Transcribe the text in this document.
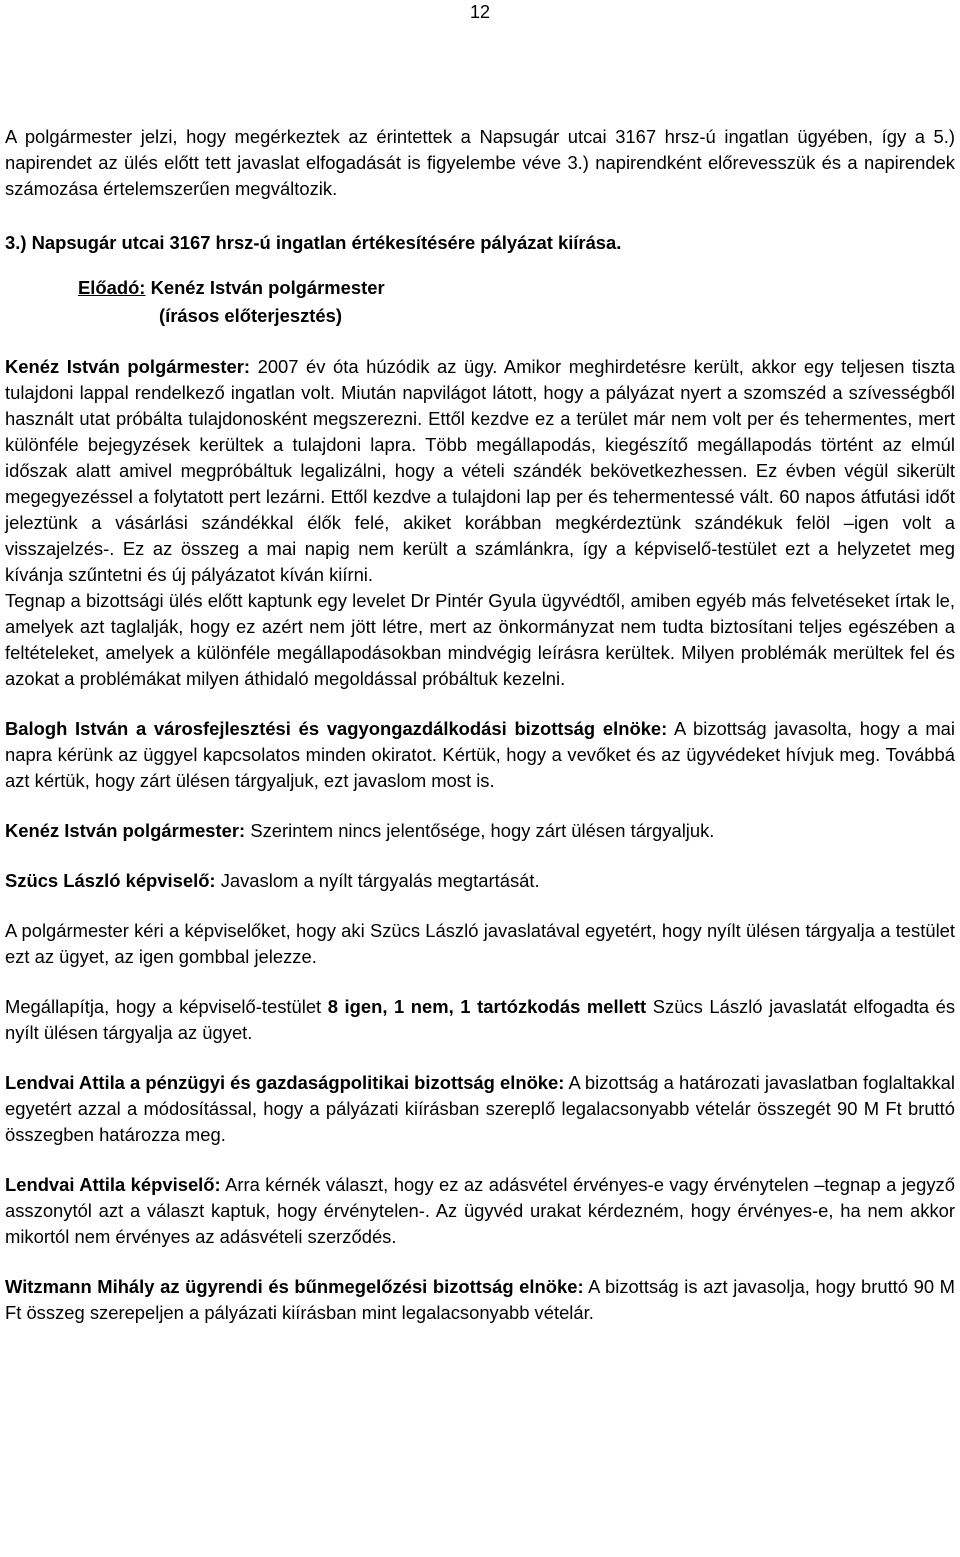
12

A polgármester jelzi, hogy megérkeztek az érintettek a Napsugár utcai 3167 hrsz-ú ingatlan ügyében, így a 5.) napirendet az ülés előtt tett javaslat elfogadását is figyelembe véve 3.) napirendként előrevesszük és a napirendek számozása értelemszerűen megváltozik.

3.) Napsugár utcai 3167 hrsz-ú ingatlan értékesítésére pályázat kiírása.

Előadó: Kenéz István polgármester
(írásos előterjesztés)

Kenéz István polgármester: 2007 év óta húzódik az ügy. Amikor meghirdetésre került, akkor egy teljesen tiszta tulajdoni lappal rendelkező ingatlan volt. Miután napvilágot látott, hogy a pályázat nyert a szomszéd a szívességből használt utat próbálta tulajdonosként megszerezni. Ettől kezdve ez a terület már nem volt per és tehermentes, mert különféle bejegyzések kerültek a tulajdoni lapra. Több megállapodás, kiegészítő megállapodás történt az elmúl időszak alatt amivel megpróbáltuk legalizálni, hogy a vételi szándék bekövetkezhessen. Ez évben végül sikerült megegyezéssel a folytatott pert lezárni. Ettől kezdve a tulajdoni lap per és tehermentessé vált. 60 napos átfutási időt jeleztünk a vásárlási szándékkal élők felé, akiket korábban megkérdeztünk szándékuk felöl –igen volt a visszajelzés-. Ez az összeg a mai napig nem került a számlánkra, így a képviselő-testület ezt a helyzetet meg kívánja szűntetni és új pályázatot kíván kiírni.

Tegnap a bizottsági ülés előtt kaptunk egy levelet Dr Pintér Gyula ügyvédtől, amiben egyéb más felvetéseket írtak le, amelyek azt taglalják, hogy ez azért nem jött létre, mert az önkormányzat nem tudta biztosítani teljes egészében a feltételeket, amelyek a különféle megállapodásokban mindvégig leírásra kerültek. Milyen problémák merültek fel és azokat a problémákat milyen áthidaló megoldással próbáltuk kezelni.

Balogh István a városfejlesztési és vagyongazdálkodási bizottság elnöke: A bizottság javasolta, hogy a mai napra kérünk az üggyel kapcsolatos minden okiratot. Kértük, hogy a vevőket és az ügyvédeket hívjuk meg. Továbbá azt kértük, hogy zárt ülésen tárgyaljuk, ezt javaslom most is.

Kenéz István polgármester: Szerintem nincs jelentősége, hogy zárt ülésen tárgyaljuk.

Szücs László képviselő: Javaslom a nyílt tárgyalás megtartását.

A polgármester kéri a képviselőket, hogy aki Szücs László javaslatával egyetért, hogy nyílt ülésen tárgyalja a testület ezt az ügyet, az igen gombbal jelezze.

Megállapítja, hogy a képviselő-testület 8 igen, 1 nem, 1 tartózkodás mellett Szücs László javaslatát elfogadta és nyílt ülésen tárgyalja az ügyet.

Lendvai Attila a pénzügyi és gazdaságpolitikai bizottság elnöke: A bizottság a határozati javaslatban foglaltakkal egyetért azzal a módosítással, hogy a pályázati kiírásban szereplő legalacsonyabb vételár összegét 90 M Ft bruttó összegben határozza meg.

Lendvai Attila képviselő: Arra kérnék választ, hogy ez az adásvétel érvényes-e vagy érvénytelen –tegnap a jegyző asszonytól azt a választ kaptuk, hogy érvénytelen-. Az ügyvéd urakat kérdezném, hogy érvényes-e, ha nem akkor mikortól nem érvényes az adásvételi szerződés.

Witzmann Mihály az ügyrendi és bűnmegelőzési bizottság elnöke: A bizottság is azt javasolja, hogy bruttó 90 M Ft összeg szerepeljen a pályázati kiírásban mint legalacsonyabb vételár.
